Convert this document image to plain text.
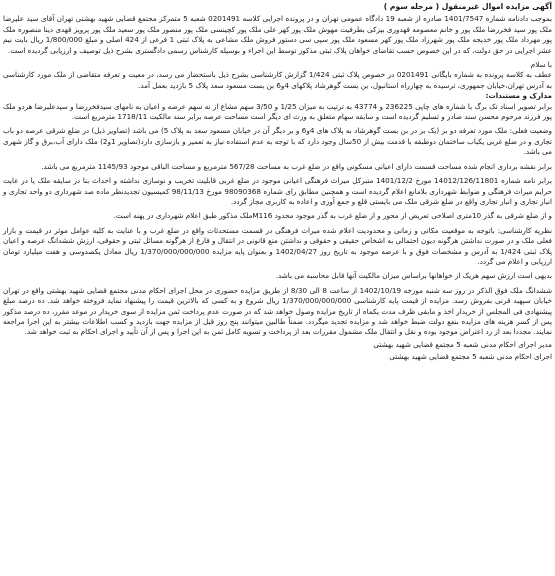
آگهی مزایده اموال غیرمنقول ( مرحله سوم )

بموجب دادنامه شماره 1401/7547 صادره از شعبه 19 دادگاه عمومی تهران و در پرونده اجرایی کلاسه 0201491 شعبه 5 متمرکز مجتمع قضایی شهید بهشتی تهران آقای سید علیرضا ملک پور سید فخررضا ملک پور و خانم معصومه قهدوری بیزکی بطرفیت مهوش ملک پور کهر علی ملک پور کچینسی ملک پور منصور ملک پور سعید ملک پور پرویز قهدی دینا منصوره ملک پور مهرداد ملک پور خدیجه ملک پور شهرزاد ملک پور کهر مسعود ملک پور سپی سی دستور فروش ملک مشاعی به پلاک ثبتی 1 فرعی از 424 اصلی و مبلغ 1/800/000 ریال بابت نیم عشر اجرایی در حق دولت، که در این خصوص حسب تقاضای خواهان پلاک ثبتی مذکور توسط این اجراء و بوسیله کارشناس رسمی دادگستری بشرح ذیل توصیف و ارزیابی گردیده است.

با سلام

عطف به کلاسه پرونده به شماره بایگانی 0201491 در خصوص پلاک ثبتی 1/424 گزارش کارشناسی بشرح ذیل باستحضار می رسد، در معیت و تعرفه متقاضی از ملک مورد کارشناسی به آدرس تهران،خیابان جمهوری، ترسیده به چهارراه استانبول، بن بست گوهرشاد پلاکهای 4و6 بن بست مسعود سعد پلاک 5 بازدید بعمل آمد.

مدارک و مستندات:

برابر تصویر اسناد تک برگ با شماره های چاپی 236225 و 43774 به ترتیب به میزان 1/25 و 3/50 سهم مشاع از نه سهم عرصه و اعیان به نامهای سیدفخررضا و سیدعلیرضا هردو ملک پور فرزند مرحوم محسن سند صادر و تسلیم گردیده است و سابقه سهام متعلق به ورث ای دیگر است مساحت عرصه برابر سند مالکیت 1718/11 مترمربع است.

وضعیت فعلی: ملک مورد تعرفه دو بر (یک بر در بن بست گوهرشاد به پلاک های 4و6 و بر دیگر آن در خیابان مسعود سعد به پلاک 5) می باشد (تصاویر ذیل) در ضلع شرقی عرصه دو باب تجاری و در ضلع غربی یکباب ساختمان دوطبقه با قدمت بیش از 50سال وجود دارد که با توجه به عدم استفاده نیاز به تعمیر و بازسازی دارد(تصاویر 1و2) ملک دارای آب،برق و گاز شهری می باشد.

برابر نقشه برداری انجام شده مساحت قسمت دارای اعیانی مسکونی واقع در ضلع غرب به مساحت 567/28 مترمربع و مساحت الباقی موجود 1145/93 مترمربع می باشد.

برابر نامه شماره 14012/126/11801 مورخ 1401/12/2 متبرکل میراث فرهنگی اعیانی موجود در ضلع غربی قابلیت تخریب و نوسازی نداشته و احداث بنا در سایقه ملک یا در عایت حرایم میراث فرهنگی و ضوابط شهرداری بلامانع اعلام گردیده است و همچنین مطابق رای شماره 98090368 مورخ 98/11/13 کمیسیون تجدیدنظر ماده صد شهرداری دو واحد تجاری و انبار تجاری و انبار تجاری واقع در ضلع شرقی ملک می بایستی قلع و جمع آوری و اعاده به کاربری مجاز گردد.

و از ضلع شرقی به گذر 10متری اصلاحی تعریض از محور و از ضلع غرب به گذر موجود محدود M116ملک مذکور طبق اعلام شهرداری در پهنه است.

نظریه کارشناسی: باتوجه به موقعیت مکانی و زمانی و محدودیت اعلام شده میراث فرهنگی در قسمت مستحدثات واقع در ضلع غرب و با عنایت به کلیه عوامل موثر در قیمت و بازار فعلی ملک و در صورت نداشتن هرگونه دیون احتمالی به اشخاص حقیقی و حقوقی و نداشتن منع قانونی در انتقال و فارغ از هرگونه مسائل ثبتی و حقوقی، ارزش ششدانگ عرصه و اعیان پلاک ثبتی 1/424 به آدرس و مشخصات فوق و با عرصه موجود به تاریخ روز 1402/04/27 و بعنوان پایه مزایده 1/370/000/000/000 ریال معادل یکصدوسی و هفت میلیارد تومان ارزیابی و اعلام می گردد.

بدیهی است ارزش سهم هریک از خواهانها براساس میزان مالکیت آنها قابل محاسبه می باشد.

ششدانگ ملک فوق الذکر در روز سه شنبه مورخه 1402/10/19 از ساعت 8 الی 8/30 از طریق مزایده حضوری در محل اجرای احکام مدنی مجتمع قضایی شهید بهشتی واقع در تهران خیابان سپهبد قرنی بفروش رسد. مزایده از قیمت پایه کارشناسی 1/370/000/000/000 ریال شروع و به کسی که بالاترین قیمت را پیشنهاد نماید فروخته خواهد شد. ده درصد مبلغ پیشنهادی فی المجلس از خریدار اخذ و مابقی ظرف مدت یکماه از تاریخ مزایده وصول خواهد شد که در صورت عدم پرداخت ثمن مزایده از سوی خریدار در موعد مقرر، ده درصد مذکور پس از کسر هزینه های مزایده بنفع دولت ضبط خواهد شد و مزایده تجدید میگردد. ضمناً طالبین میتوانند پنج روز قبل از مزایده جهت بازدید و کسب اطلاعات بیشتر به این اجرا مراجعه نمایند. مجددا بعد از رد اعتراض موجود بوده و نقل و انتقال ملک مشمول مقررات بعد از پرداخت و تسویه کامل ثمن به این اجرا و پس از آن تأیید و اجرای احکام به ثبت خواهد شد.

مدیر اجرای احکام مدنی شعبه 5 مجتمع قضایی شهید بهشتی

اجرای احکام مدنی شعبه 5 مجتمع قضایی شهید بهشتی
